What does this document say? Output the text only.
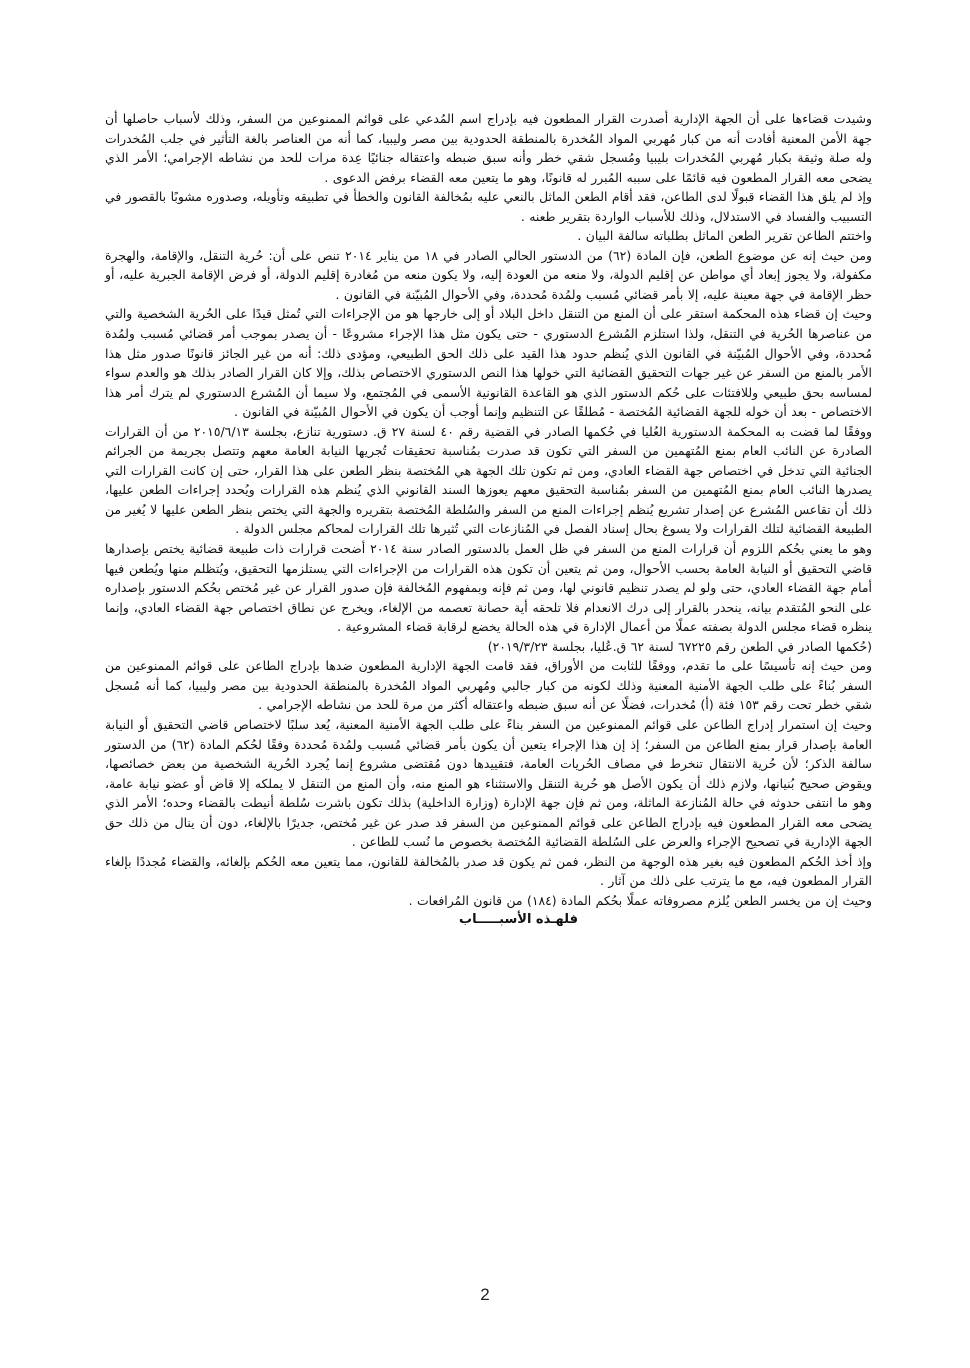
وشيدت قضاءها على أن الجهة الإدارية أصدرت القرار المطعون فيه بإدراج اسم المُدعي على قوائم الممنوعين من السفر، وذلك لأسباب حاصلها أن جهة الأمن المعنية أفادت أنه من كبار مُهربي المواد المُخدرة بالمنطقة الحدودية بين مصر وليبيا، كما أنه من العناصر بالغة التأثير في جلب المُخدرات وله صلة وثيقة بكبار مُهربي المُخدرات بليبيا ومُسجل شقي خطر وأنه سبق ضبطه واعتقاله جنائيًا عِدة مرات للحد من نشاطه الإجرامي؛ الأمر الذي يضحى معه القرار المطعون فيه قائمًا على سببه المُبرر له قانونًا، وهو ما يتعين معه القضاء برفض الدعوى .

وإذ لم يلق هذا القضاء قبولًا لدى الطاعن، فقد أقام الطعن الماثل بالنعي عليه بمُخالفة القانون والخطأ في تطبيقه وتأويله، وصدوره مشوبًا بالقصور في التسبيب والفساد في الاستدلال، وذلك للأسباب الواردة بتقرير طعنه .

واختتم الطاعن تقرير الطعن الماثل بطلباته سالفة البيان .

ومن حيث إنه عن موضوع الطعن، فإن المادة (٦٢) من الدستور الحالي الصادر في ١٨ من يناير ٢٠١٤ تنص على أن: حُرية التنقل، والإقامة، والهجرة مكفولة، ولا يجوز إبعاد أي مواطن عن إقليم الدولة، ولا منعه من العودة إليه، ولا يكون منعه من مُغادرة إقليم الدولة، أو فرض الإقامة الجبرية عليه، أو حظر الإقامة في جهة معينة عليه، إلا بأمر قضائي مُسبب ولمُدة مُحددة، وفي الأحوال المُبيّنة في القانون .

وحيث إن قضاء هذه المحكمة استقر على أن المنع من التنقل داخل البلاد أو إلى خارجها هو من الإجراءات التي تُمثل قيدًا على الحُرية الشخصية والتي من عناصرها الحُرية في التنقل، ولذا استلزم المُشرع الدستوري - حتى يكون مثل هذا الإجراء مشروعًا - أن يصدر بموجب أمر قضائي مُسبب ولمُدة مُحددة، وفي الأحوال المُبيّنة في القانون الذي يُنظم حدود هذا القيد على ذلك الحق الطبيعي، ومؤدى ذلك: أنه من غير الجائز قانونًا صدور مثل هذا الأمر بالمنع من السفر عن غير جهات التحقيق القضائية التي خولها هذا النص الدستوري الاختصاص بذلك، وإلا كان القرار الصادر بذلك هو والعدم سواء لمساسه بحق طبيعي وللافتئات على حُكم الدستور الذي هو القاعدة القانونية الأسمى في المُجتمع، ولا سيما أن المُشرع الدستوري لم يترك أمر هذا الاختصاص - بعد أن خوله للجهة القضائية المُختصة - مُطلقًا عن التنظيم وإنما أوجب أن يكون في الأحوال المُبيّنة في القانون .

ووفقًا لما قضت به المحكمة الدستورية العُليا في حُكمها الصادر في القضية رقم ٤٠ لسنة ٢٧ ق. دستورية تنازع، بجلسة ٢٠١٥/٦/١٣ من أن القرارات الصادرة عن النائب العام بمنع المُتهمين من السفر التي تكون قد صدرت بمُناسبة تحقيقات تُجريها النيابة العامة معهم وتتصل بجريمة من الجرائم الجنائية التي تدخل في اختصاص جهة القضاء العادي، ومن ثم تكون تلك الجهة هي المُختصة بنظر الطعن على هذا القرار، حتى إن كانت القرارات التي يصدرها النائب العام بمنع المُتهمين من السفر بمُناسبة التحقيق معهم يعوزها السند القانوني الذي يُنظم هذه القرارات ويُحدد إجراءات الطعن عليها، ذلك أن تقاعس المُشرع عن إصدار تشريع يُنظم إجراءات المنع من السفر والسُلطة المُختصة بتقريره والجهة التي يختص بنظر الطعن عليها لا يُغير من الطبيعة القضائية لتلك القرارات ولا يسوغ بحال إسناد الفصل في المُنازعات التي تُثيرها تلك القرارات لمحاكم مجلس الدولة .

وهو ما يعني بحُكم اللزوم أن قرارات المنع من السفر في ظل العمل بالدستور الصادر سنة ٢٠١٤ أضحت قرارات ذات طبيعة قضائية يختص بإصدارها قاضي التحقيق أو النيابة العامة بحسب الأحوال، ومن ثم يتعين أن تكون هذه القرارات من الإجراءات التي يستلزمها التحقيق، ويُتظلم منها ويُطعن فيها أمام جهة القضاء العادي، حتى ولو لم يصدر تنظيم قانوني لها، ومن ثم فإنه وبمفهوم المُخالفة فإن صدور القرار عن غير مُختص بحُكم الدستور بإصداره على النحو المُتقدم بيانه، ينحدر بالقرار إلى درك الانعدام فلا تلحقه أية حصانة تعصمه من الإلغاء، ويخرج عن نطاق اختصاص جهة القضاء العادي، وإنما ينظره قضاء مجلس الدولة بصفته عملًا من أعمال الإدارة في هذه الحالة يخضع لرقابة قضاء المشروعية .

(حُكمها الصادر في الطعن رقم ٦٧٢٢٥ لسنة ٦٢ ق.عُليا، بجلسة ٢٠١٩/٣/٢٣)

ومن حيث إنه تأسيسًا على ما تقدم، ووفقًا للثابت من الأوراق، فقد قامت الجهة الإدارية المطعون ضدها بإدراج الطاعن على قوائم الممنوعين من السفر بُناءً على طلب الجهة الأمنية المعنية وذلك لكونه من كبار جالبي ومُهربي المواد المُخدرة بالمنطقة الحدودية بين مصر وليبيا، كما أنه مُسجل شقي خطر تحت رقم ١٥٣ فئة (أ) مُخدرات، فضلًا عن أنه سبق ضبطه واعتقاله أكثر من مرة للحد من نشاطه الإجرامي .

وحيث إن استمرار إدراج الطاعن على قوائم الممنوعين من السفر بناءً على طلب الجهة الأمنية المعنية، يُعد سلبًا لاختصاص قاضي التحقيق أو النيابة العامة بإصدار قرار بمنع الطاعن من السفر؛ إذ إن هذا الإجراء يتعين أن يكون بأمر قضائي مُسبب ولمُدة مُحددة وفقًا لحُكم المادة (٦٢) من الدستور سالفة الذكر؛ لأن حُرية الانتقال تنخرط في مصاف الحُريات العامة، فتقييدها دون مُقتضى مشروع إنما يُجرد الحُرية الشخصية من بعض خصائصها، ويقوض صحيح بُنيانها، ولازم ذلك أن يكون الأصل هو حُرية التنقل والاستثناء هو المنع منه، وأن المنع من التنقل لا يملكه إلا قاض أو عضو نيابة عامة، وهو ما انتفى حدوثه في حالة المُنازعة الماثلة، ومن ثم فإن جهة الإدارة (وزارة الداخلية) بذلك تكون باشرت سُلطة أنيطت بالقضاء وحده؛ الأمر الذي يضحى معه القرار المطعون فيه بإدراج الطاعن على قوائم الممنوعين من السفر قد صدر عن غير مُختص، جديرًا بالإلغاء، دون أن ينال من ذلك حق الجهة الإدارية في تصحيح الإجراء والعرض على السُلطة القضائية المُختصة بخصوص ما نُسب للطاعن .

وإذ أخذ الحُكم المطعون فيه بغير هذه الوجهة من النظر، فمن ثم يكون قد صدر بالمُخالفة للقانون، مما يتعين معه الحُكم بإلغائه، والقضاء مُجددًا بإلغاء القرار المطعون فيه، مع ما يترتب على ذلك من آثار .

وحيث إن من يخسر الطعن يُلزم مصروفاته عملًا بحُكم المادة (١٨٤) من قانون المُرافعات .

فلهـذه الأسبـــــاب

2
